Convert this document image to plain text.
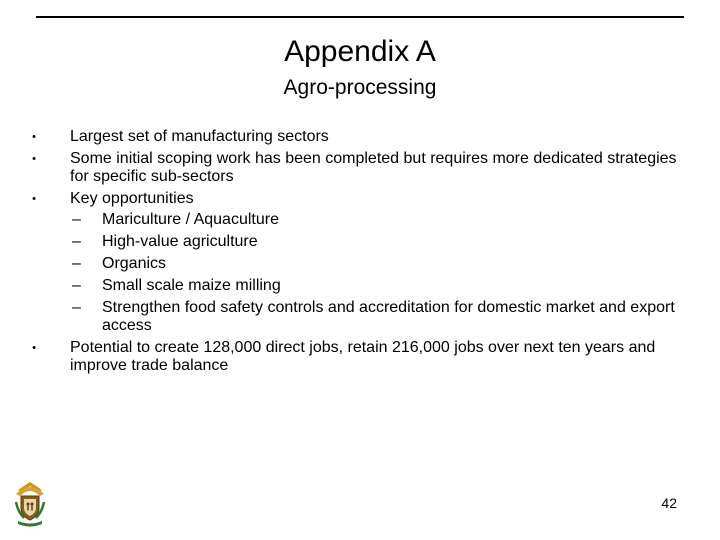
Appendix A
Agro-processing
• Largest set of manufacturing sectors
• Some initial scoping work has been completed but requires more dedicated strategies for specific sub-sectors
• Key opportunities
– Mariculture / Aquaculture
– High-value agriculture
– Organics
– Small scale maize milling
– Strengthen food safety controls and accreditation for domestic market and export access
• Potential to create 128,000 direct jobs, retain 216,000 jobs over next ten years and improve trade balance
42
